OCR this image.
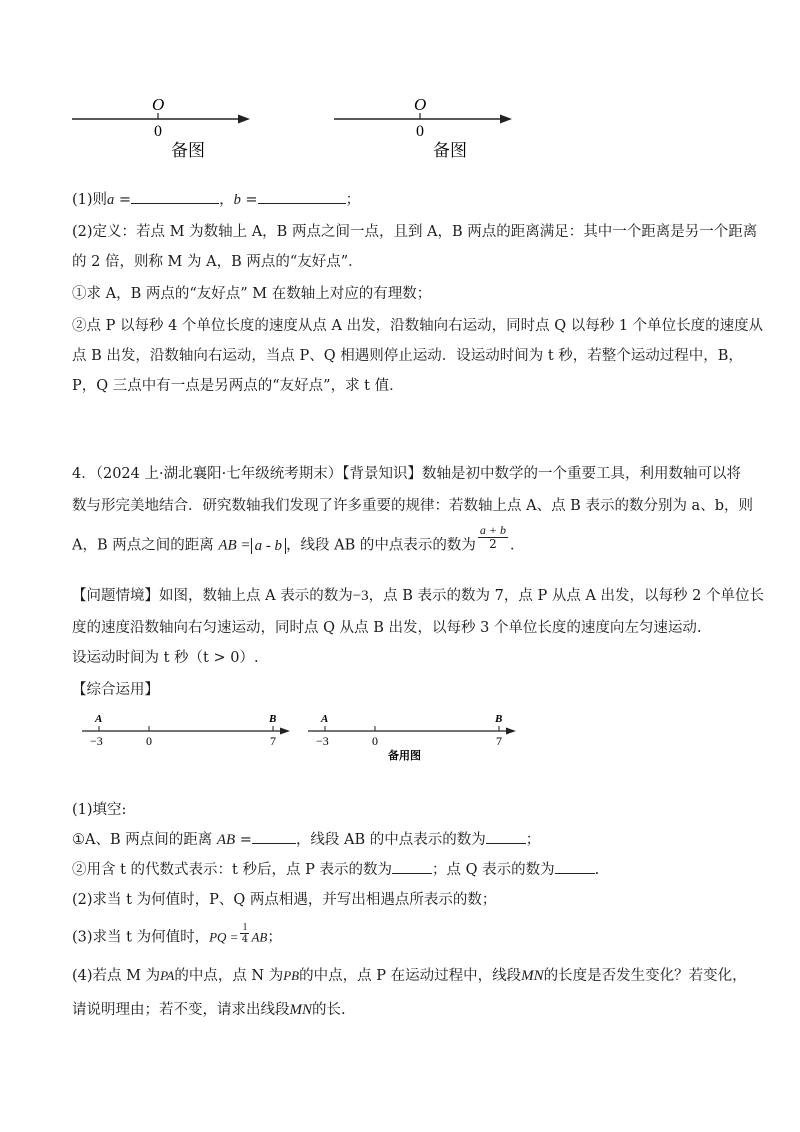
O
0
备图
O
0
备图
(1)则a =	，b =	；
(2)定义：若点 M 为数轴上 A，B 两点之间一点，且到 A，B 两点的距离满足：其中一个距离是另一个距离
的 2 倍，则称 M 为 A，B 两点的“友好点”．
①求 A，B 两点的“友好点” M 在数轴上对应的有理数；
②点 P 以每秒 4 个单位长度的速度从点 A 出发，沿数轴向右运动，同时点 Q 以每秒 1 个单位长度的速度从
点 B 出发，沿数轴向右运动，当点 P、Q 相遇则停止运动．设运动时间为 t 秒，若整个运动过程中，B，
P，Q 三点中有一点是另两点的“友好点”，求 t 值．
4．（2024 上·湖北襄阳·七年级统考期末）【背景知识】数轴是初中数学的一个重要工具，利用数轴可以将
数与形完美地结合．研究数轴我们发现了许多重要的规律：若数轴上点 A、点 B 表示的数分别为 a、b，则
A，B 两点之间的距离 AB = a - b ，线段 AB 的中点表示的数为 $\frac{a + b}{2}$ ．
【问题情境】如图，数轴上点 A 表示的数为−3，点 B 表示的数为 7，点 P 从点 A 出发，以每秒 2 个单位长
度的速度沿数轴向右匀速运动，同时点 Q 从点 B 出发，以每秒 3 个单位长度的速度向左匀速运动.
设运动时间为 t 秒（t > 0）.
【综合运用】
A	B
−3	0	7
A	B
−3	0	7
备用图
(1)填空:
①A、B 两点间的距离 AB =	，线段 AB 的中点表示的数为	；
②用含 t 的代数式表示：t 秒后，点 P 表示的数为	；点 Q 表示的数为	.
(2)求当 t 为何值时，P、Q 两点相遇，并写出相遇点所表示的数；
(3)求当 t 为何值时，PQ = $\frac{1}{4}$ AB；
(4)若点 M 为PA的中点，点 N 为PB的中点，点 P 在运动过程中，线段MN的长度是否发生变化？若变化，
请说明理由；若不变，请求出线段MN的长.
